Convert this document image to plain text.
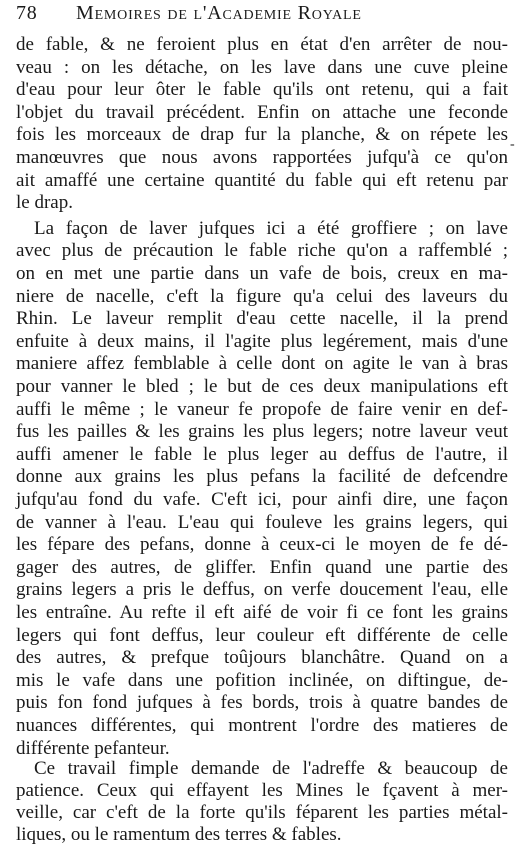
78 Memoires de l'Academie Royale
de fable, & ne feroient plus en état d'en arrêter de nou-
veau : on les détache, on les lave dans une cuve pleine
d'eau pour leur ôter le fable qu'ils ont retenu, qui a fait
l'objet du travail précédent. Enfin on attache une feconde
fois les morceaux de drap fur la planche, & on répete les
manœuvres que nous avons rapportées jufqu'à ce qu'on
ait amaffé une certaine quantité du fable qui eft retenu par
le drap.
La façon de laver jufques ici a été groffiere ; on lave
avec plus de précaution le fable riche qu'on a raffemblé ;
on en met une partie dans un vafe de bois, creux en ma-
niere de nacelle, c'eft la figure qu'a celui des laveurs du
Rhin. Le laveur remplit d'eau cette nacelle, il la prend
enfuite à deux mains, il l'agite plus legérement, mais d'une
maniere affez femblable à celle dont on agite le van à bras
pour vanner le bled ; le but de ces deux manipulations eft
auffi le même ; le vaneur fe propofe de faire venir en def-
fus les pailles & les grains les plus legers; notre laveur veut
auffi amener le fable le plus leger au deffus de l'autre, il
donne aux grains les plus pefans la facilité de defcendre
jufqu'au fond du vafe. C'eft ici, pour ainfi dire, une façon
de vanner à l'eau. L'eau qui fouleve les grains legers, qui
les fépare des pefans, donne à ceux-ci le moyen de fe dé-
gager des autres, de gliffer. Enfin quand une partie des
grains legers a pris le deffus, on verfe doucement l'eau, elle
les entraîne. Au refte il eft aifé de voir fi ce font les grains
legers qui font deffus, leur couleur eft différente de celle
des autres, & prefque toûjours blanchâtre. Quand on a
mis le vafe dans une pofition inclinée, on diftingue, de-
puis fon fond jufques à fes bords, trois à quatre bandes de
nuances différentes, qui montrent l'ordre des matieres de
différente pefanteur.
Ce travail fimple demande de l'adreffe & beaucoup de
patience. Ceux qui effayent les Mines le fçavent à mer-
-
veille, car c'eft de la forte qu'ils féparent les parties métal-
liques, ou le ramentum des terres & fables.
